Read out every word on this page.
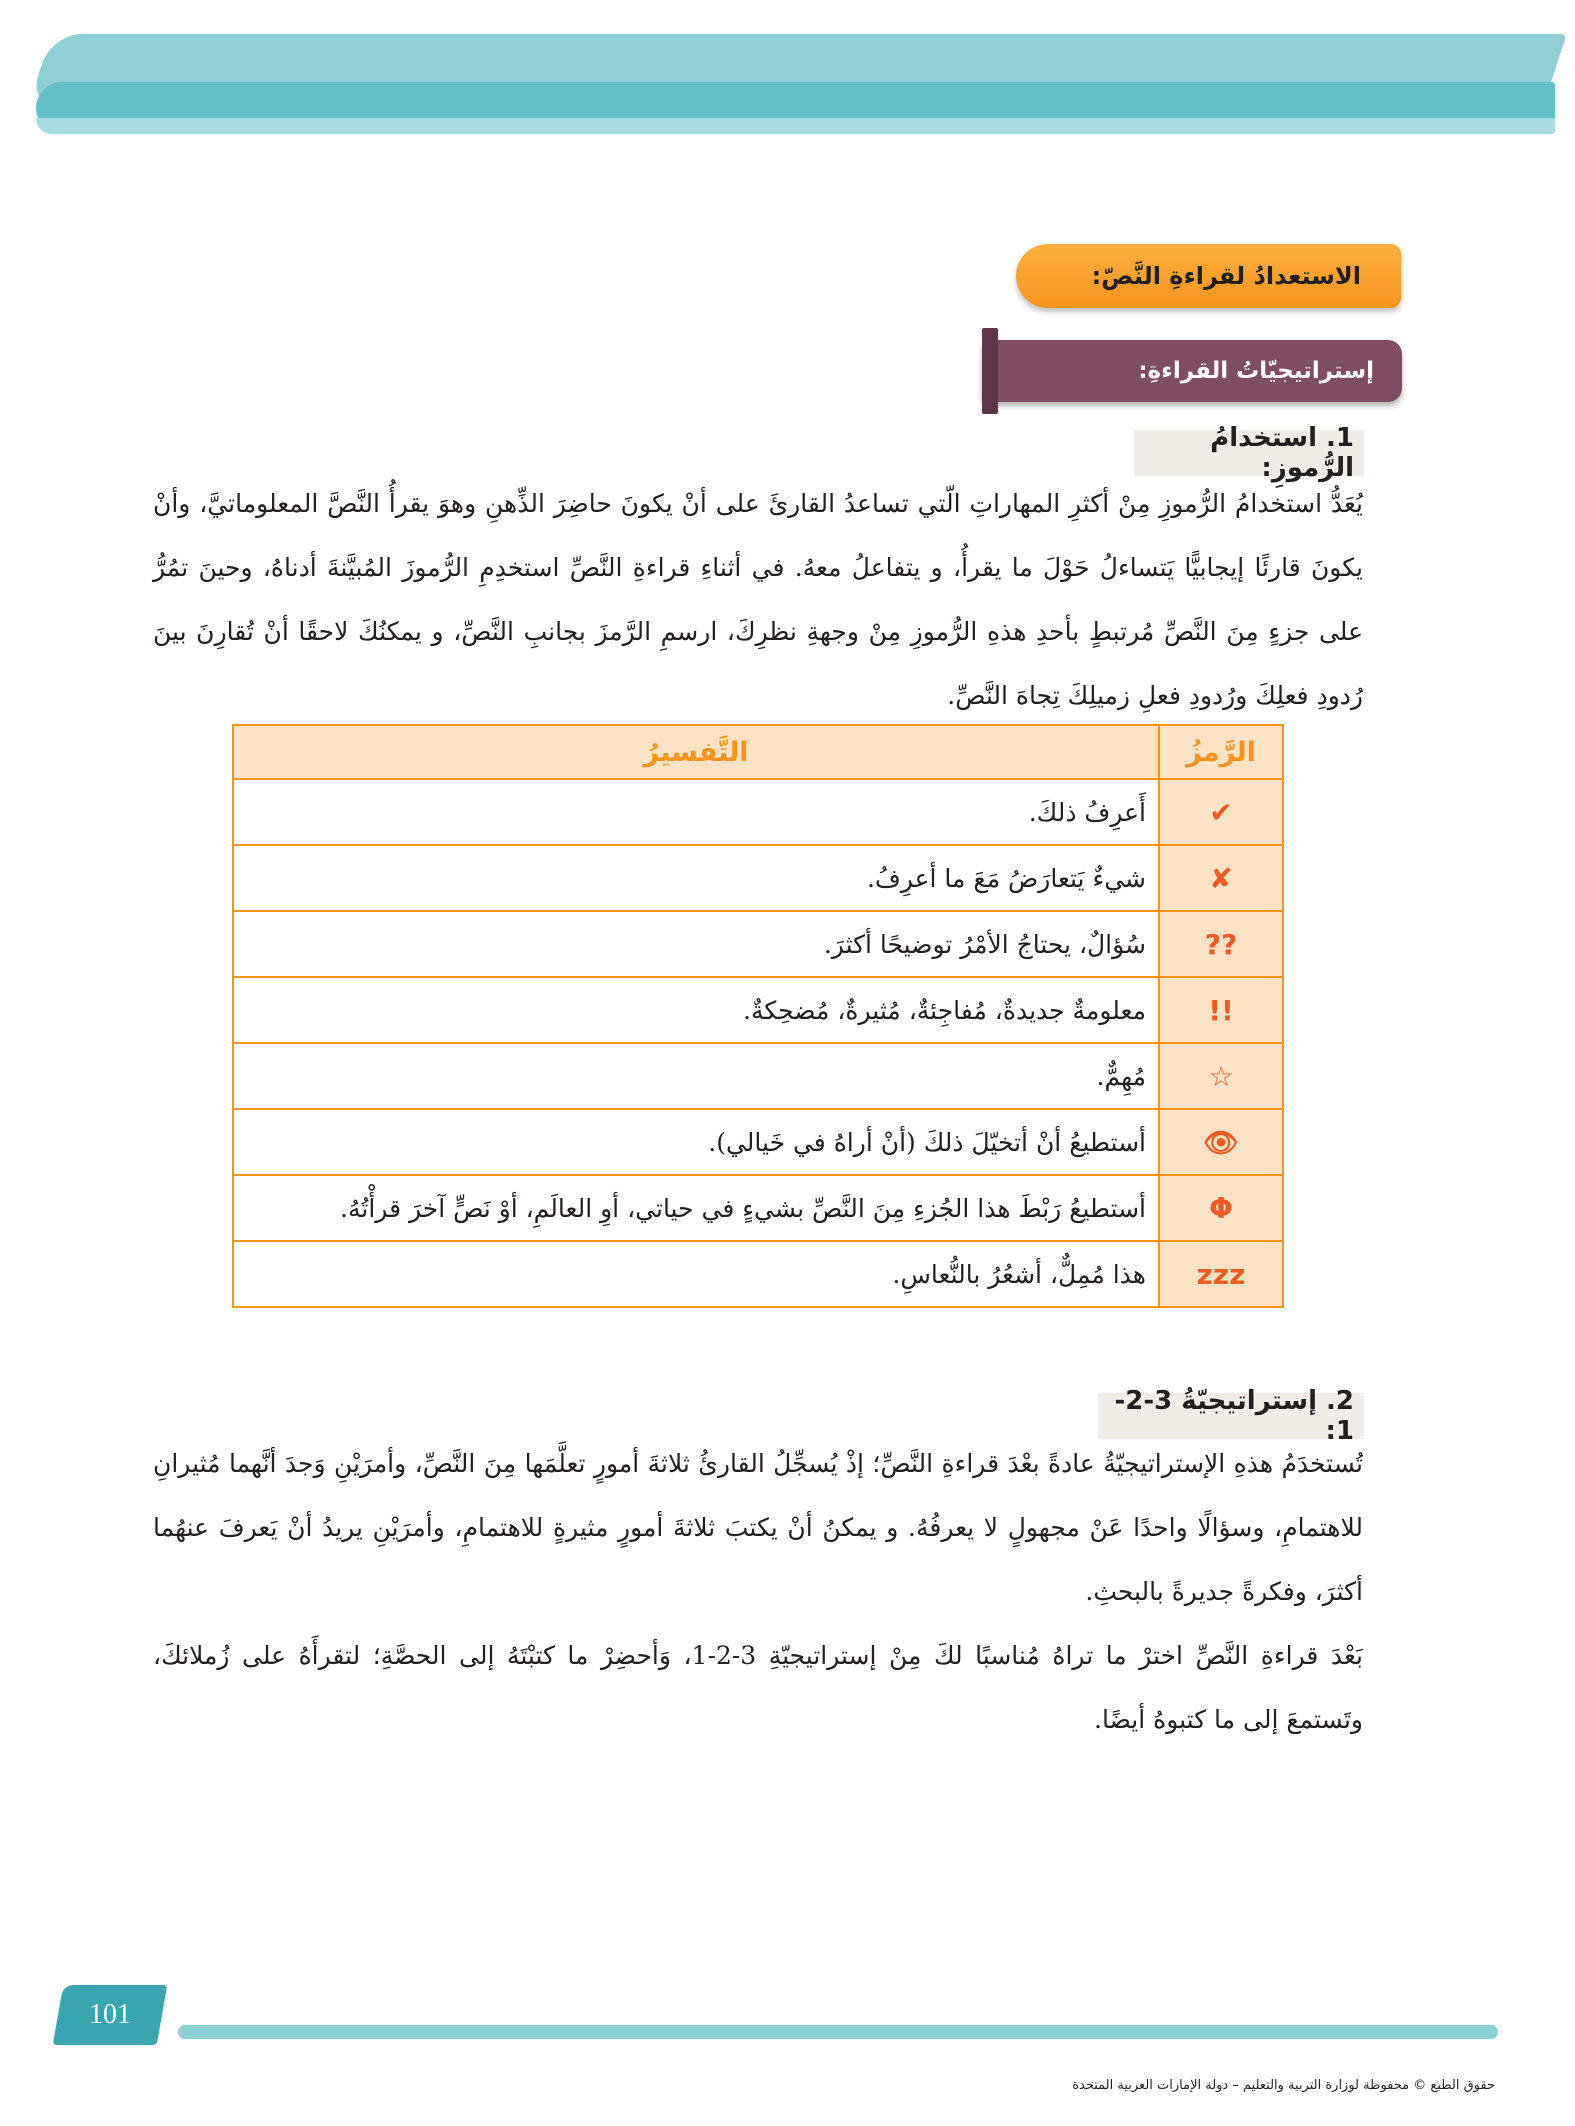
الاستعدادُ لقراءةِ النَّصّ:
إستراتيجيّاتُ القراءةِ:
1. استخدامُ الرُّموزِ:

يُعَدُّ استخدامُ الرُّموزِ مِنْ أكثرِ المهاراتِ الّتي تساعدُ القارئَ على أنْ يكونَ حاضِرَ الذِّهنِ وهوَ يقرأُ النَّصَّ المعلوماتيَّ، وأنْ يكونَ قارئًا إيجابيًّا يَتساءلُ حَوْلَ ما يقرأُ، و يتفاعلُ معهُ. في أثناءِ قراءةِ النَّصِّ استخدِمِ الرُّموزَ المُبيَّنةَ أدناهُ، وحينَ تمُرُّ على جزءٍ مِنَ النَّصِّ مُرتبطٍ بأحدِ هذهِ الرُّموزِ مِنْ وجهةِ نظرِكَ، ارسمِ الرَّمزَ بجانبِ النَّصِّ، و يمكنُكَ لاحقًا أنْ تُقارِنَ بينَ رُدودِ فعلِكَ ورُدودِ فعلِ زميلِكَ تِجاهَ النَّصِّ.

الرَّمزُ	التَّفسيرُ
✔	أَعرِفُ ذلكَ.
✘	شيءٌ يَتعارَضُ مَعَ ما أعرِفُ.
??	سُؤالٌ، يحتاجُ الأمْرُ توضيحًا أكثرَ.
!!	معلومةٌ جديدةٌ، مُفاجِئةٌ، مُثيرةٌ، مُضحِكةٌ.
☆	مُهِمٌّ.
👁	أستطيعُ أنْ أتخيّلَ ذلكَ (أنْ أراهُ في خَيالي).
Φ	أستطيعُ رَبْطَ هذا الجُزءِ مِنَ النَّصِّ بشيءٍ في حياتي، أوِ العالَمِ، أوْ نَصٍّ آخرَ قرأْتُهُ.
zzz	هذا مُمِلٌّ، أشعُرُ بالنُّعاسِ.
2. إستراتيجيّةُ 3-2-1:

تُستخدَمُ هذهِ الإستراتيجيّةُ عادةً بعْدَ قراءةِ النَّصِّ؛ إذْ يُسجِّلُ القارئُ ثلاثةَ أمورٍ تعلَّمَها مِنَ النَّصِّ، وأمرَيْنِ وَجدَ أنَّهما مُثيرانِ للاهتمامِ، وسؤالًا واحدًا عَنْ مجهولٍ لا يعرفُهُ. و يمكنُ أنْ يكتبَ ثلاثةَ أمورٍ مثيرةٍ للاهتمامِ، وأمرَيْنِ يريدُ أنْ يَعرفَ عنهُما أكثرَ، وفكرةً جديرةً بالبحثِ.

بَعْدَ قراءةِ النَّصِّ اخترْ ما تراهُ مُناسبًا لكَ مِنْ إستراتيجيّةِ 3-2-1، وَأحضِرْ ما كتبْتَهُ إلى الحصَّةِ؛ لتقرأَهُ على زُملائكَ، وتَستمعَ إلى ما كتبوهُ أيضًا.

101
حقوق الطبع © محفوظة لوزارة التربية والتعليم – دولة الإمارات العربية المتحدة
